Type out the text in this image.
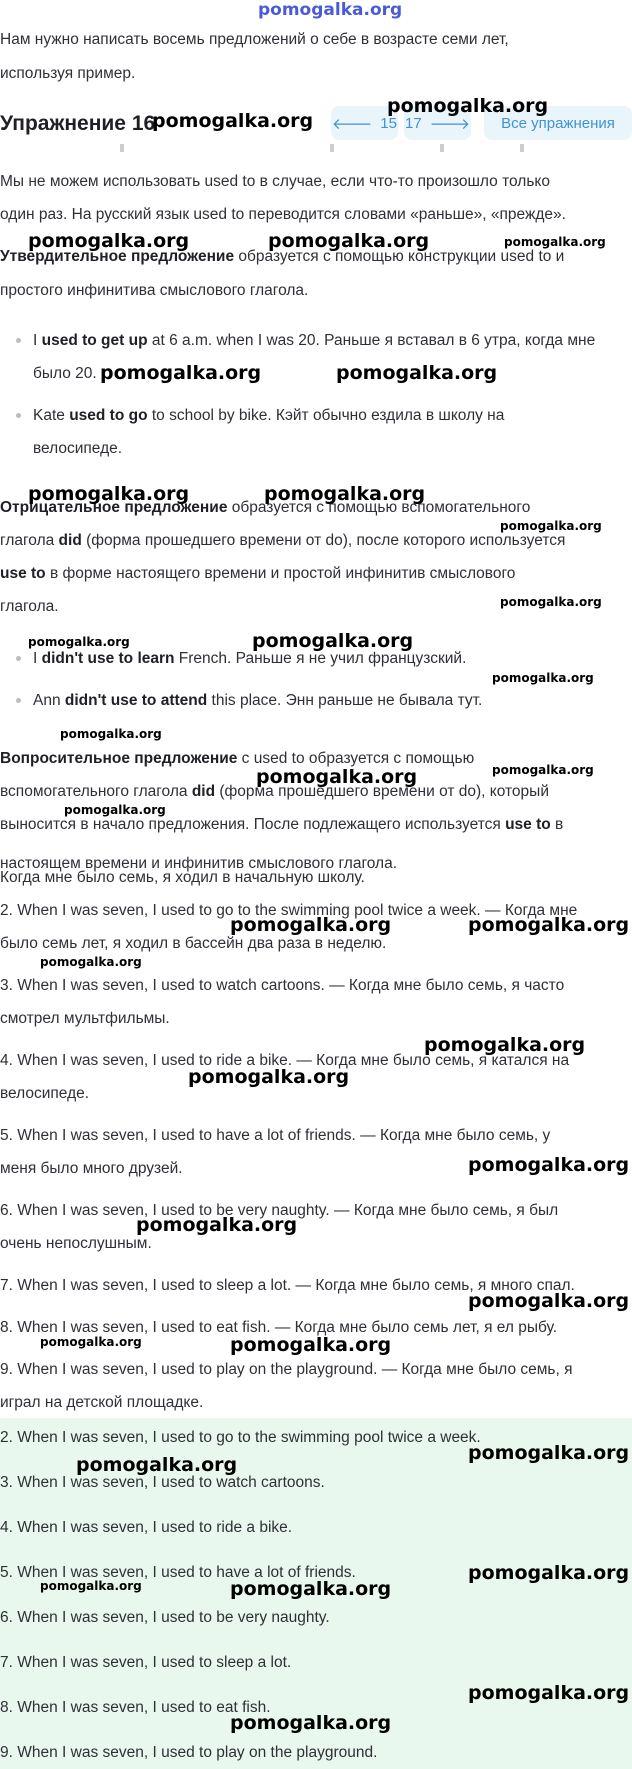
pomogalka.org
Нам нужно написать восемь предложений о себе в возрасте семи лет,
используя пример.
Упражнение 16	🡐 15 17 🡒 Все упражнения
Мы не можем использовать used to в случае, если что-то произошло только
один раз. На русский язык used to переводится словами «раньше», «прежде».
Утвердительное предложение образуется с помощью конструкции used to и
простого инфинитива смыслового глагола.
I used to get up at 6 a.m. when I was 20. Раньше я вставал в 6 утра, когда мне
было 20.
Kate used to go to school by bike. Кэйт обычно ездила в школу на
велосипеде.
Отрицательное предложение образуется с помощью вспомогательного
глагола did (форма прошедшего времени от do), после которого используется
use to в форме настоящего времени и простой инфинитив смыслового
глагола.
I didn't use to learn French. Раньше я не учил французский.
Ann didn't use to attend this place. Энн раньше не бывала тут.
Вопросительное предложение с used to образуется с помощью
вспомогательного глагола did (форма прошедшего времени от do), который
выносится в начало предложения. После подлежащего используется use to в
настоящем времени и инфинитив смыслового глагола.
Когда мне было семь, я ходил в начальную школу.
2. When I was seven, I used to go to the swimming pool twice a week. — Когда мне
было семь лет, я ходил в бассейн два раза в неделю.
3. When I was seven, I used to watch cartoons. — Когда мне было семь, я часто
смотрел мультфильмы.
4. When I was seven, I used to ride a bike. — Когда мне было семь, я катался на
велосипеде.
5. When I was seven, I used to have a lot of friends. — Когда мне было семь, у
меня было много друзей.
6. When I was seven, I used to be very naughty. — Когда мне было семь, я был
очень непослушным.
7. When I was seven, I used to sleep a lot. — Когда мне было семь, я много спал.
8. When I was seven, I used to eat fish. — Когда мне было семь лет, я ел рыбу.
9. When I was seven, I used to play on the playground. — Когда мне было семь, я
играл на детской площадке.
2. When I was seven, I used to go to the swimming pool twice a week.
3. When I was seven, I used to watch cartoons.
4. When I was seven, I used to ride a bike.
5. When I was seven, I used to have a lot of friends.
6. When I was seven, I used to be very naughty.
7. When I was seven, I used to sleep a lot.
8. When I was seven, I used to eat fish.
9. When I was seven, I used to play on the playground.
pomogalka.org
pomogalka.org
pomogalka.org	pomogalka.org	pomogalka.org
pomogalka.org	pomogalka.org
pomogalka.org	pomogalka.org
pomogalka.org
pomogalka.org
pomogalka.org	pomogalka.org
pomogalka.org
pomogalka.org
pomogalka.org
pomogalka.org
pomogalka.org
pomogalka.org	pomogalka.org
pomogalka.org
pomogalka.org
pomogalka.org
pomogalka.org
pomogalka.org
pomogalka.org
pomogalka.org	pomogalka.org
pomogalka.org
pomogalka.org
pomogalka.org
pomogalka.org	pomogalka.org
pomogalka.org
pomogalka.org
